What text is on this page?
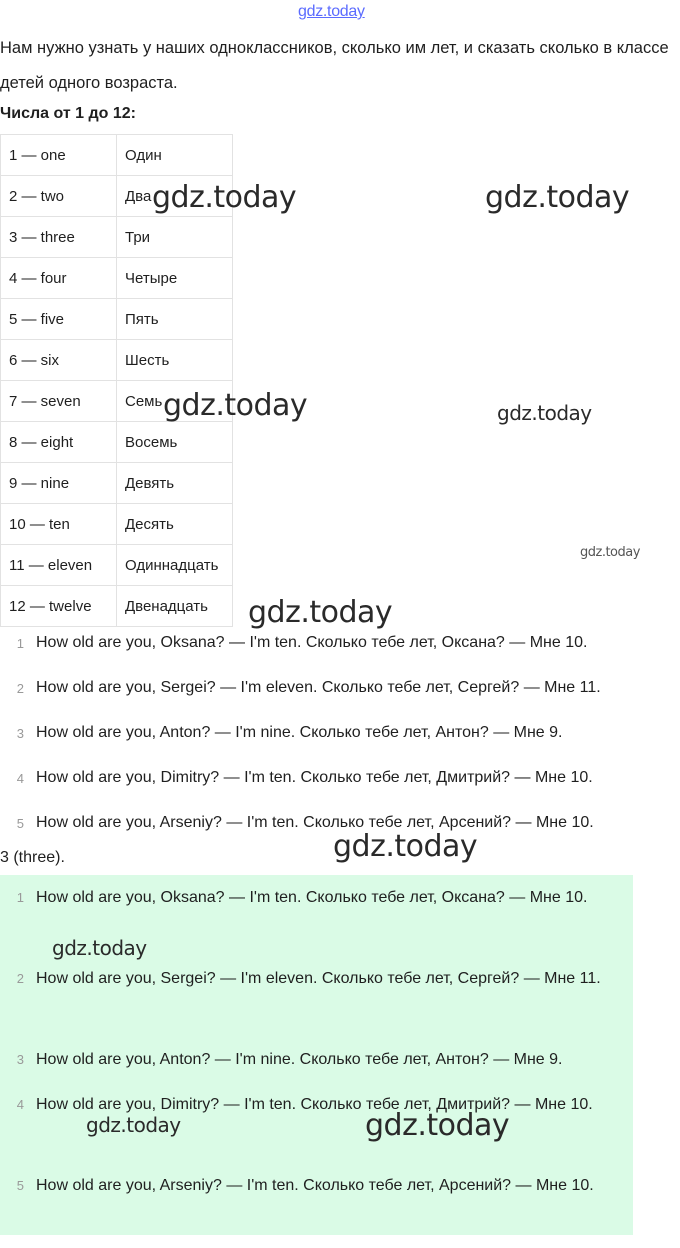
gdz.today

Нам нужно узнать у наших одноклассников, сколько им лет, и сказать сколько в классе детей одного возраста.

Числа от 1 до 12:

1 — one	Один
2 — two	Два
3 — three	Три
4 — four	Четыре
5 — five	Пять
6 — six	Шесть
7 — seven	Семь
8 — eight	Восемь
9 — nine	Девять
10 — ten	Десять
11 — eleven	Одиннадцать
12 — twelve	Двенадцать
1 How old are you, Oksana? — I'm ten. Сколько тебе лет, Оксана? — Мне 10.
2 How old are you, Sergei? — I'm eleven. Сколько тебе лет, Сергей? — Мне 11.
3 How old are you, Anton? — I'm nine. Сколько тебе лет, Антон? — Мне 9.
4 How old are you, Dimitry? — I'm ten. Сколько тебе лет, Дмитрий? — Мне 10.
5 How old are you, Arseniy? — I'm ten. Сколько тебе лет, Арсений? — Мне 10.

3 (three).

1 How old are you, Oksana? — I'm ten. Сколько тебе лет, Оксана? — Мне 10.
2 How old are you, Sergei? — I'm eleven. Сколько тебе лет, Сергей? — Мне 11.
3 How old are you, Anton? — I'm nine. Сколько тебе лет, Антон? — Мне 9.
4 How old are you, Dimitry? — I'm ten. Сколько тебе лет, Дмитрий? — Мне 10.
5 How old are you, Arseniy? — I'm ten. Сколько тебе лет, Арсений? — Мне 10.
gdz.today	gdz.today
gdz.today	gdz.today
gdz.today
gdz.today
gdz.today
gdz.today
gdz.today	gdz.today
